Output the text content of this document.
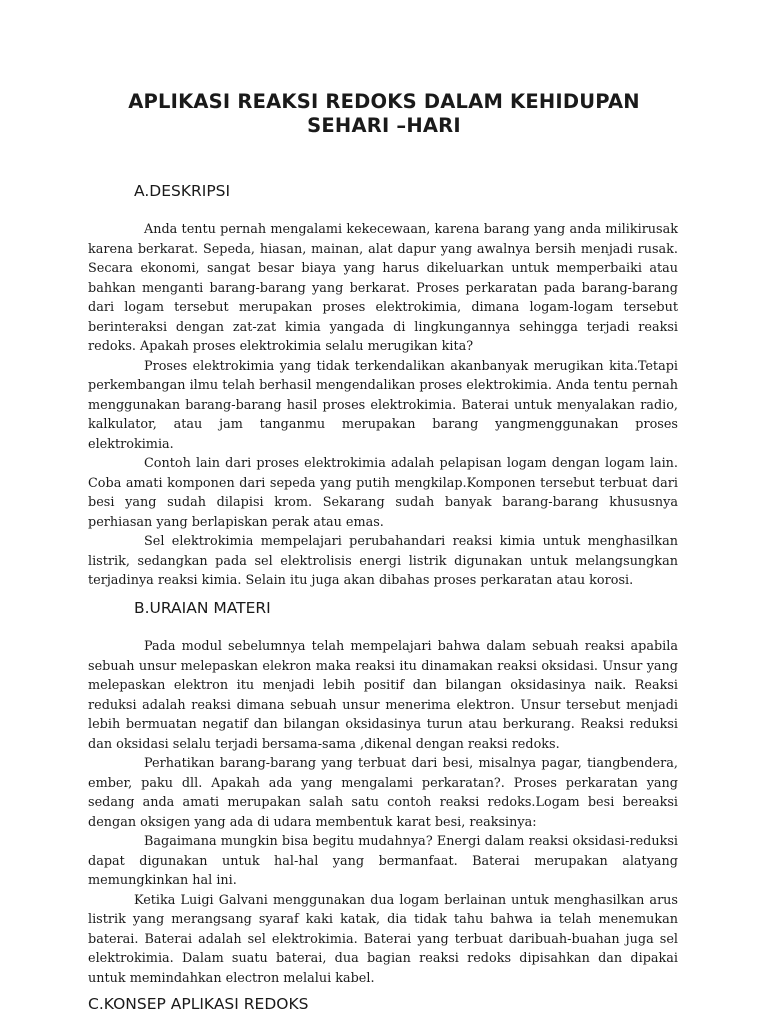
APLIKASI REAKSI REDOKS DALAM KEHIDUPAN
SEHARI –HARI
A.DESKRIPSI

Anda tentu pernah mengalami kekecewaan, karena barang yang anda milikirusak karena berkarat. Sepeda, hiasan, mainan, alat dapur yang awalnya bersih menjadi rusak. Secara ekonomi, sangat besar biaya yang harus dikeluarkan untuk memperbaiki atau bahkan menganti barang-barang yang berkarat. Proses perkaratan pada barang-barang dari logam tersebut merupakan proses elektrokimia, dimana logam-logam tersebut berinteraksi dengan zat-zat kimia yangada di lingkungannya sehingga terjadi reaksi redoks. Apakah proses elektrokimia selalu merugikan kita?

Proses elektrokimia yang tidak terkendalikan akanbanyak merugikan kita.Tetapi perkembangan ilmu telah berhasil mengendalikan proses elektrokimia. Anda tentu pernah menggunakan barang-barang hasil proses elektrokimia. Baterai untuk menyalakan radio, kalkulator, atau jam tanganmu merupakan barang yangmenggunakan proses elektrokimia.

Contoh lain dari proses elektrokimia adalah pelapisan logam dengan logam lain. Coba amati komponen dari sepeda yang putih mengkilap.Komponen tersebut terbuat dari besi yang sudah dilapisi krom. Sekarang sudah banyak barang-barang khususnya perhiasan yang berlapiskan perak atau emas.

Sel elektrokimia mempelajari perubahandari reaksi kimia untuk menghasilkan listrik, sedangkan pada sel elektrolisis energi listrik digunakan untuk melangsungkan terjadinya reaksi kimia. Selain itu juga akan dibahas proses perkaratan atau korosi.

B.URAIAN MATERI

Pada modul sebelumnya telah mempelajari bahwa dalam sebuah reaksi apabila sebuah unsur melepaskan elekron maka reaksi itu dinamakan reaksi oksidasi. Unsur yang melepaskan elektron itu menjadi lebih positif dan bilangan oksidasinya naik. Reaksi reduksi adalah reaksi dimana sebuah unsur menerima elektron. Unsur tersebut menjadi lebih bermuatan negatif dan bilangan oksidasinya turun atau berkurang. Reaksi reduksi dan oksidasi selalu terjadi bersama-sama ,dikenal dengan reaksi redoks.

Perhatikan barang-barang yang terbuat dari besi, misalnya pagar, tiangbendera, ember, paku dll. Apakah ada yang mengalami perkaratan?. Proses perkaratan yang sedang anda amati merupakan salah satu contoh reaksi redoks.Logam besi bereaksi dengan oksigen yang ada di udara membentuk karat besi, reaksinya:

Bagaimana mungkin bisa begitu mudahnya? Energi dalam reaksi oksidasi-reduksi dapat digunakan untuk hal-hal yang bermanfaat. Baterai merupakan alatyang memungkinkan hal ini.

Ketika Luigi Galvani menggunakan dua logam berlainan untuk menghasilkan arus listrik yang merangsang syaraf kaki katak, dia tidak tahu bahwa ia telah menemukan baterai. Baterai adalah sel elektrokimia. Baterai yang terbuat daribuah-buahan juga sel elektrokimia. Dalam suatu baterai, dua bagian reaksi redoks dipisahkan dan dipakai untuk memindahkan electron melalui kabel.

C.KONSEP APLIKASI REDOKS
